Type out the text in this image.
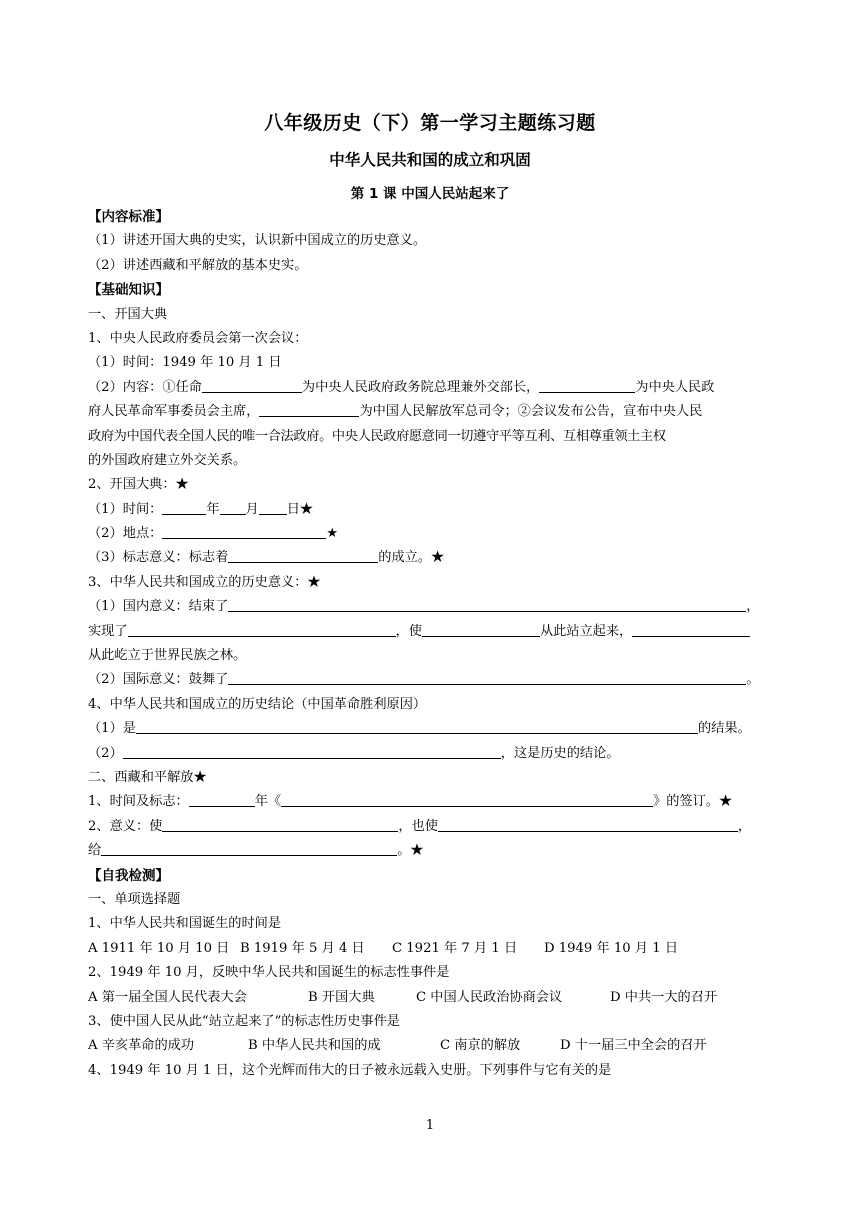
八年级历史（下）第一学习主题练习题
中华人民共和国的成立和巩固
第 1 课 中国人民站起来了
【内容标准】
（1）讲述开国大典的史实，认识新中国成立的历史意义。
（2）讲述西藏和平解放的基本史实。
【基础知识】
一、开国大典
1、中央人民政府委员会第一次会议：
（1）时间：1949 年 10 月 1 日
（2）内容：①任命	为中央人民政府政务院总理兼外交部长，	为中央人民政
府人民革命军事委员会主席，	为中国人民解放军总司令；②会议发布公告，宣布中央人民
政府为中国代表全国人民的唯一合法政府。中央人民政府愿意同一切遵守平等互利、互相尊重领土主权
的外国政府建立外交关系。
2、开国大典：★
（1）时间：	年 月 日★
（2）地点：	★
（3）标志意义：标志着	的成立。★
3、中华人民共和国成立的历史意义：★
（1）国内意义：结束了	，
实现了	，使	从此站立起来，
从此屹立于世界民族之林。
（2）国际意义：鼓舞了	。
4、中华人民共和国成立的历史结论（中国革命胜利原因）
（1）是	的结果。
（2）	，这是历史的结论。
二、西藏和平解放★
1、时间及标志：	年《	》的签订。★
2、意义：使	，也使	，
给	。★
【自我检测】
一、单项选择题
1、中华人民共和国诞生的时间是
A 1911 年 10 月 10 日 B 1919 年 5 月 4 日 C 1921 年 7 月 1 日 D 1949 年 10 月 1 日
2、1949 年 10 月，反映中华人民共和国诞生的标志性事件是
A 第一届全国人民代表大会	B 开国大典	C 中国人民政治协商会议	D 中共一大的召开
3、使中国人民从此“站立起来了”的标志性历史事件是
A 辛亥革命的成功	B 中华人民共和国的成	C 南京的解放	D 十一届三中全会的召开
4、1949 年 10 月 1 日，这个光辉而伟大的日子被永远载入史册。下列事件与它有关的是
1
